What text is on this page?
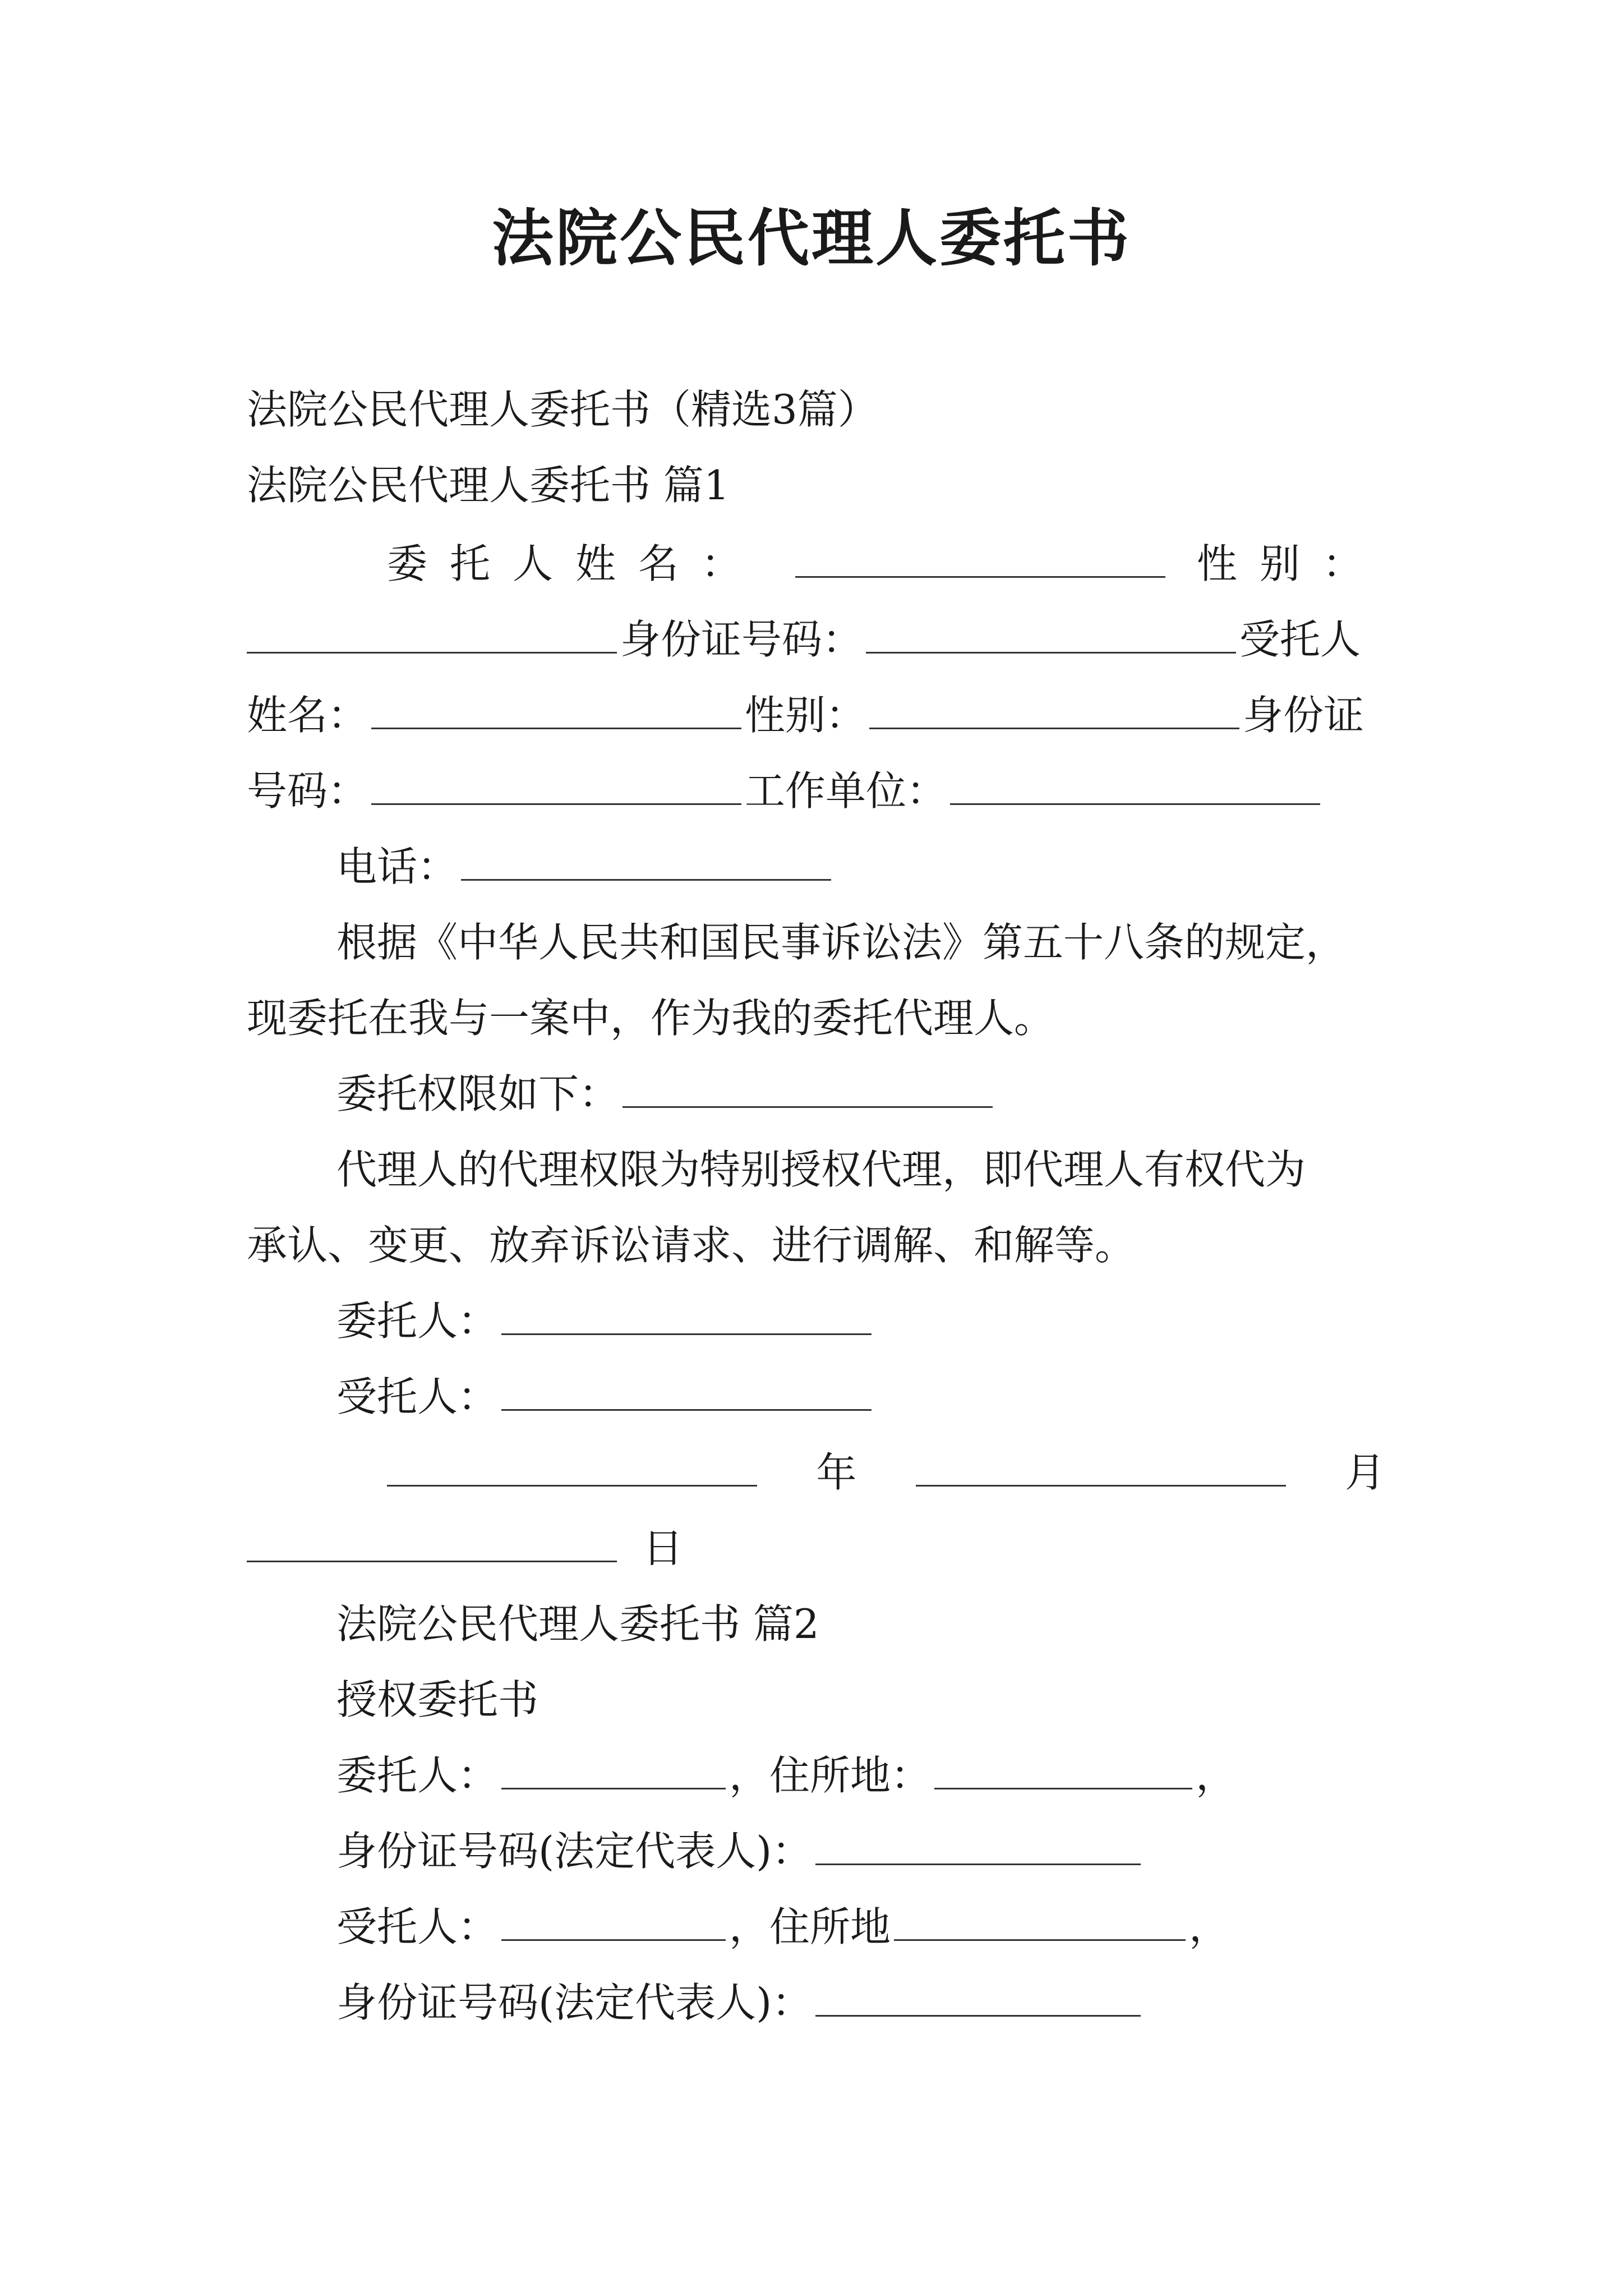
法院公民代理人委托书
法院公民代理人委托书（精选3篇）
法院公民代理人委托书 篇1
委托人姓名：	性别：
身份证号码：	受托人
姓名：	性别：	身份证
号码：	工作单位：
电话：
根据《中华人民共和国民事诉讼法》第五十八条的规定，
现委托在我与一案中，作为我的委托代理人。
委托权限如下：
代理人的代理权限为特别授权代理，即代理人有权代为
承认、变更、放弃诉讼请求、进行调解、和解等。
委托人：
受托人：
年	月
日
法院公民代理人委托书 篇2
授权委托书
委托人：	，住所地：	，
身份证号码(法定代表人)：
受托人：	，住所地	，
身份证号码(法定代表人)：
